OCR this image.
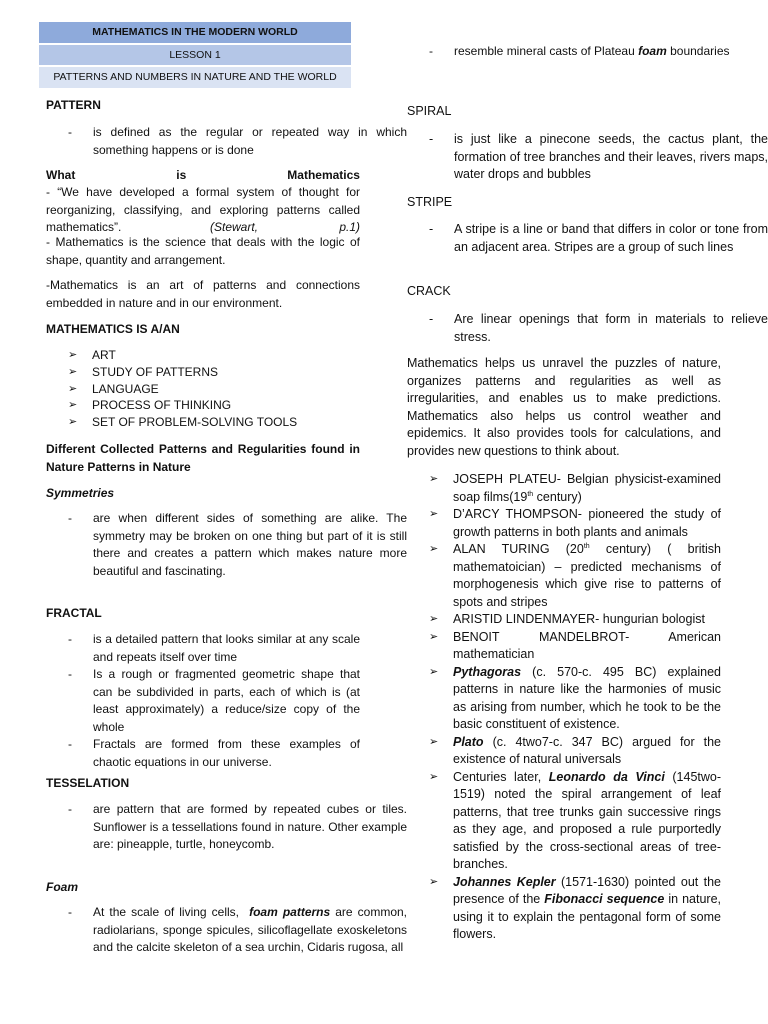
MATHEMATICS IN THE MODERN WORLD
LESSON 1
PATTERNS AND NUMBERS IN NATURE AND THE WORLD
PATTERN
- is defined as the regular or repeated way in which something happens or is done
What	is	Mathematics
- “We have developed a formal system of thought for reorganizing, classifying, and exploring patterns called mathematics”.	(Stewart,	p.1)
- Mathematics is the science that deals with the logic of shape, quantity and arrangement.
-Mathematics is an art of patterns and connections embedded in nature and in our environment.
MATHEMATICS IS A/AN
➢ ART
➢ STUDY OF PATTERNS
➢ LANGUAGE
➢ PROCESS OF THINKING
➢ SET OF PROBLEM-SOLVING TOOLS
Different Collected Patterns and Regularities found in Nature Patterns in Nature
Symmetries
- are when different sides of something are alike. The symmetry may be broken on one thing but part of it is still there and creates a pattern which makes nature more beautiful and fascinating.
FRACTAL
- is a detailed pattern that looks similar at any scale and repeats itself over time
- Is a rough or fragmented geometric shape that can be subdivided in parts, each of which is (at least approximately) a reduce/size copy of the whole
- Fractals are formed from these examples of chaotic equations in our universe.
TESSELATION
- are pattern that are formed by repeated cubes or tiles. Sunflower is a tessellations found in nature. Other example are: pineapple, turtle, honeycomb.
Foam
- At the scale of living cells, foam patterns are common, radiolarians, sponge spicules, silicoflagellate exoskeletons and the calcite skeleton of a sea urchin, Cidaris rugosa, all
- resemble mineral casts of Plateau foam boundaries
SPIRAL
- is just like a pinecone seeds, the cactus plant, the formation of tree branches and their leaves, rivers maps, water drops and bubbles
STRIPE
- A stripe is a line or band that differs in color or tone from an adjacent area. Stripes are a group of such lines
CRACK
- Are linear openings that form in materials to relieve stress.
Mathematics helps us unravel the puzzles of nature, organizes patterns and regularities as well as irregularities, and enables us to make predictions. Mathematics also helps us control weather and epidemics. It also provides tools for calculations, and provides new questions to think about.
➢ JOSEPH PLATEU- Belgian physicist-examined soap films(19th century)
➢ D’ARCY THOMPSON- pioneered the study of growth patterns in both plants and animals
➢ ALAN TURING (20th century) ( british mathematoician) – predicted mechanisms of morphogenesis which give rise to patterns of spots and stripes
➢ ARISTID LINDENMAYER- hungurian bologist
➢ BENOIT	MANDELBROT-	American
mathematician
➢ Pythagoras (c. 570-c. 495 BC) explained patterns in nature like the harmonies of music as arising from number, which he took to be the basic constituent of existence.
➢ Plato (c. 4two7-c. 347 BC) argued for the existence of natural universals
➢ Centuries later, Leonardo da Vinci (145two-1519) noted the spiral arrangement of leaf patterns, that tree trunks gain successive rings as they age, and proposed a rule purportedly satisfied by the cross-sectional areas of tree-branches.
➢ Johannes Kepler (1571-1630) pointed out the presence of the Fibonacci sequence in nature, using it to explain the pentagonal form of some flowers.
